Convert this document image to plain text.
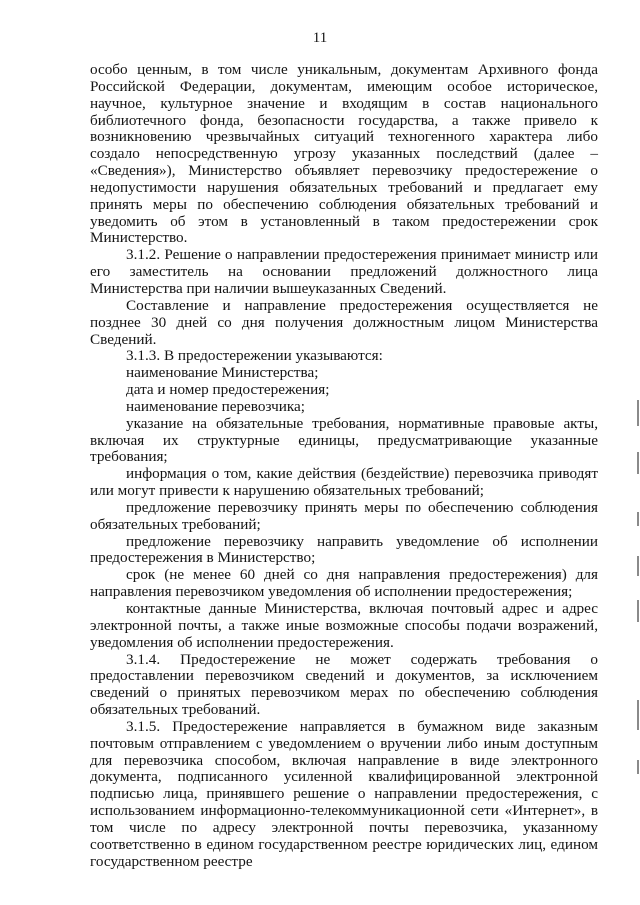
11

особо ценным, в том числе уникальным, документам Архивного фонда Российской Федерации, документам, имеющим особое историческое, научное, культурное значение и входящим в состав национального библиотечного фонда, безопасности государства, а также привело к возникновению чрезвычайных ситуаций техногенного характера либо создало непосредственную угрозу указанных последствий (далее – «Сведения»), Министерство объявляет перевозчику предостережение о недопустимости нарушения обязательных требований и предлагает ему принять меры по обеспечению соблюдения обязательных требований и уведомить об этом в установленный в таком предостережении срок Министерство.

3.1.2. Решение о направлении предостережения принимает министр или его заместитель на основании предложений должностного лица Министерства при наличии вышеуказанных Сведений.

Составление и направление предостережения осуществляется не позднее 30 дней со дня получения должностным лицом Министерства Сведений.

3.1.3. В предостережении указываются:

наименование Министерства;

дата и номер предостережения;

наименование перевозчика;

указание на обязательные требования, нормативные правовые акты, включая их структурные единицы, предусматривающие указанные требования;

информация о том, какие действия (бездействие) перевозчика приводят или могут привести к нарушению обязательных требований;

предложение перевозчику принять меры по обеспечению соблюдения обязательных требований;

предложение перевозчику направить уведомление об исполнении предостережения в Министерство;

срок (не менее 60 дней со дня направления предостережения) для направления перевозчиком уведомления об исполнении предостережения;

контактные данные Министерства, включая почтовый адрес и адрес электронной почты, а также иные возможные способы подачи возражений, уведомления об исполнении предостережения.

3.1.4. Предостережение не может содержать требования о предоставлении перевозчиком сведений и документов, за исключением сведений о принятых перевозчиком мерах по обеспечению соблюдения обязательных требований.

3.1.5. Предостережение направляется в бумажном виде заказным почтовым отправлением с уведомлением о вручении либо иным доступным для перевозчика способом, включая направление в виде электронного документа, подписанного усиленной квалифицированной электронной подписью лица, принявшего решение о направлении предостережения, с использованием информационно-телекоммуникационной сети «Интернет», в том числе по адресу электронной почты перевозчика, указанному соответственно в едином государственном реестре юридических лиц, едином государственном реестре
